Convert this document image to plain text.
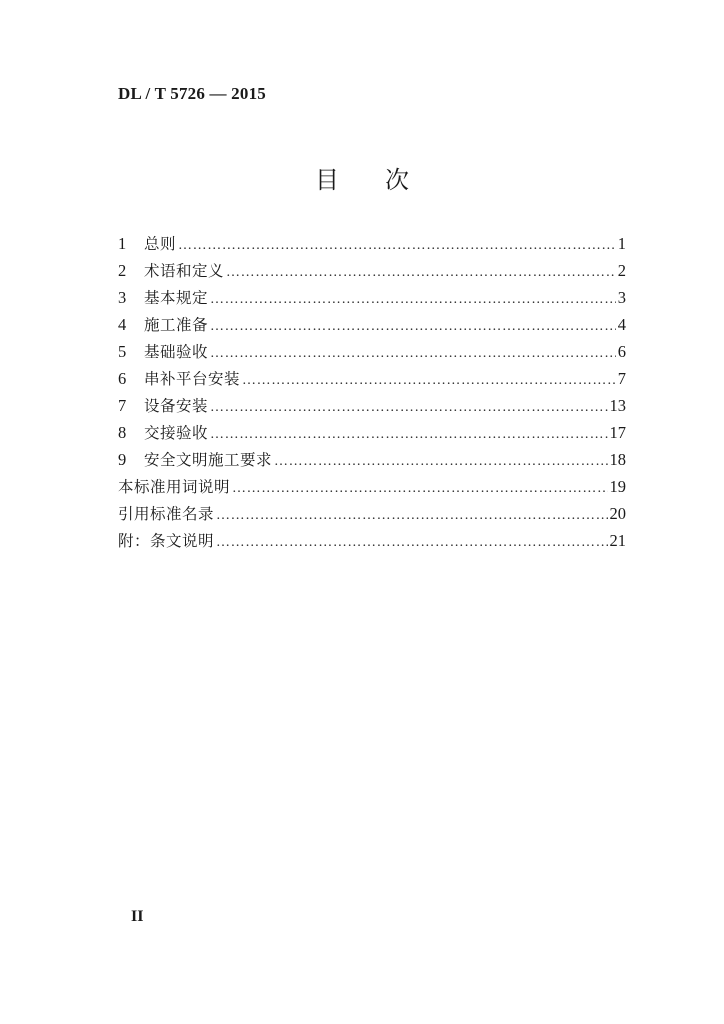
DL / T 5726 — 2015
目 次
1	总则 ……………………………………………………………………………………………………………………………………………………………………………………	1
2	术语和定义 ……………………………………………………………………………………………………………………………………………………………………………………	2
3	基本规定 ……………………………………………………………………………………………………………………………………………………………………………………	3
4	施工准备 ……………………………………………………………………………………………………………………………………………………………………………………	4
5	基础验收 ……………………………………………………………………………………………………………………………………………………………………………………	6
6	串补平台安装 ……………………………………………………………………………………………………………………………………………………………………………………	7
7	设备安装 ……………………………………………………………………………………………………………………………………………………………………………………	13
8	交接验收 ……………………………………………………………………………………………………………………………………………………………………………………	17
9	安全文明施工要求 ……………………………………………………………………………………………………………………………………………………………………………………	18
本标准用词说明 ……………………………………………………………………………………………………………………………………………………………………………………	19
引用标准名录 ……………………………………………………………………………………………………………………………………………………………………………………	20
附：条文说明 ……………………………………………………………………………………………………………………………………………………………………………………	21
II
